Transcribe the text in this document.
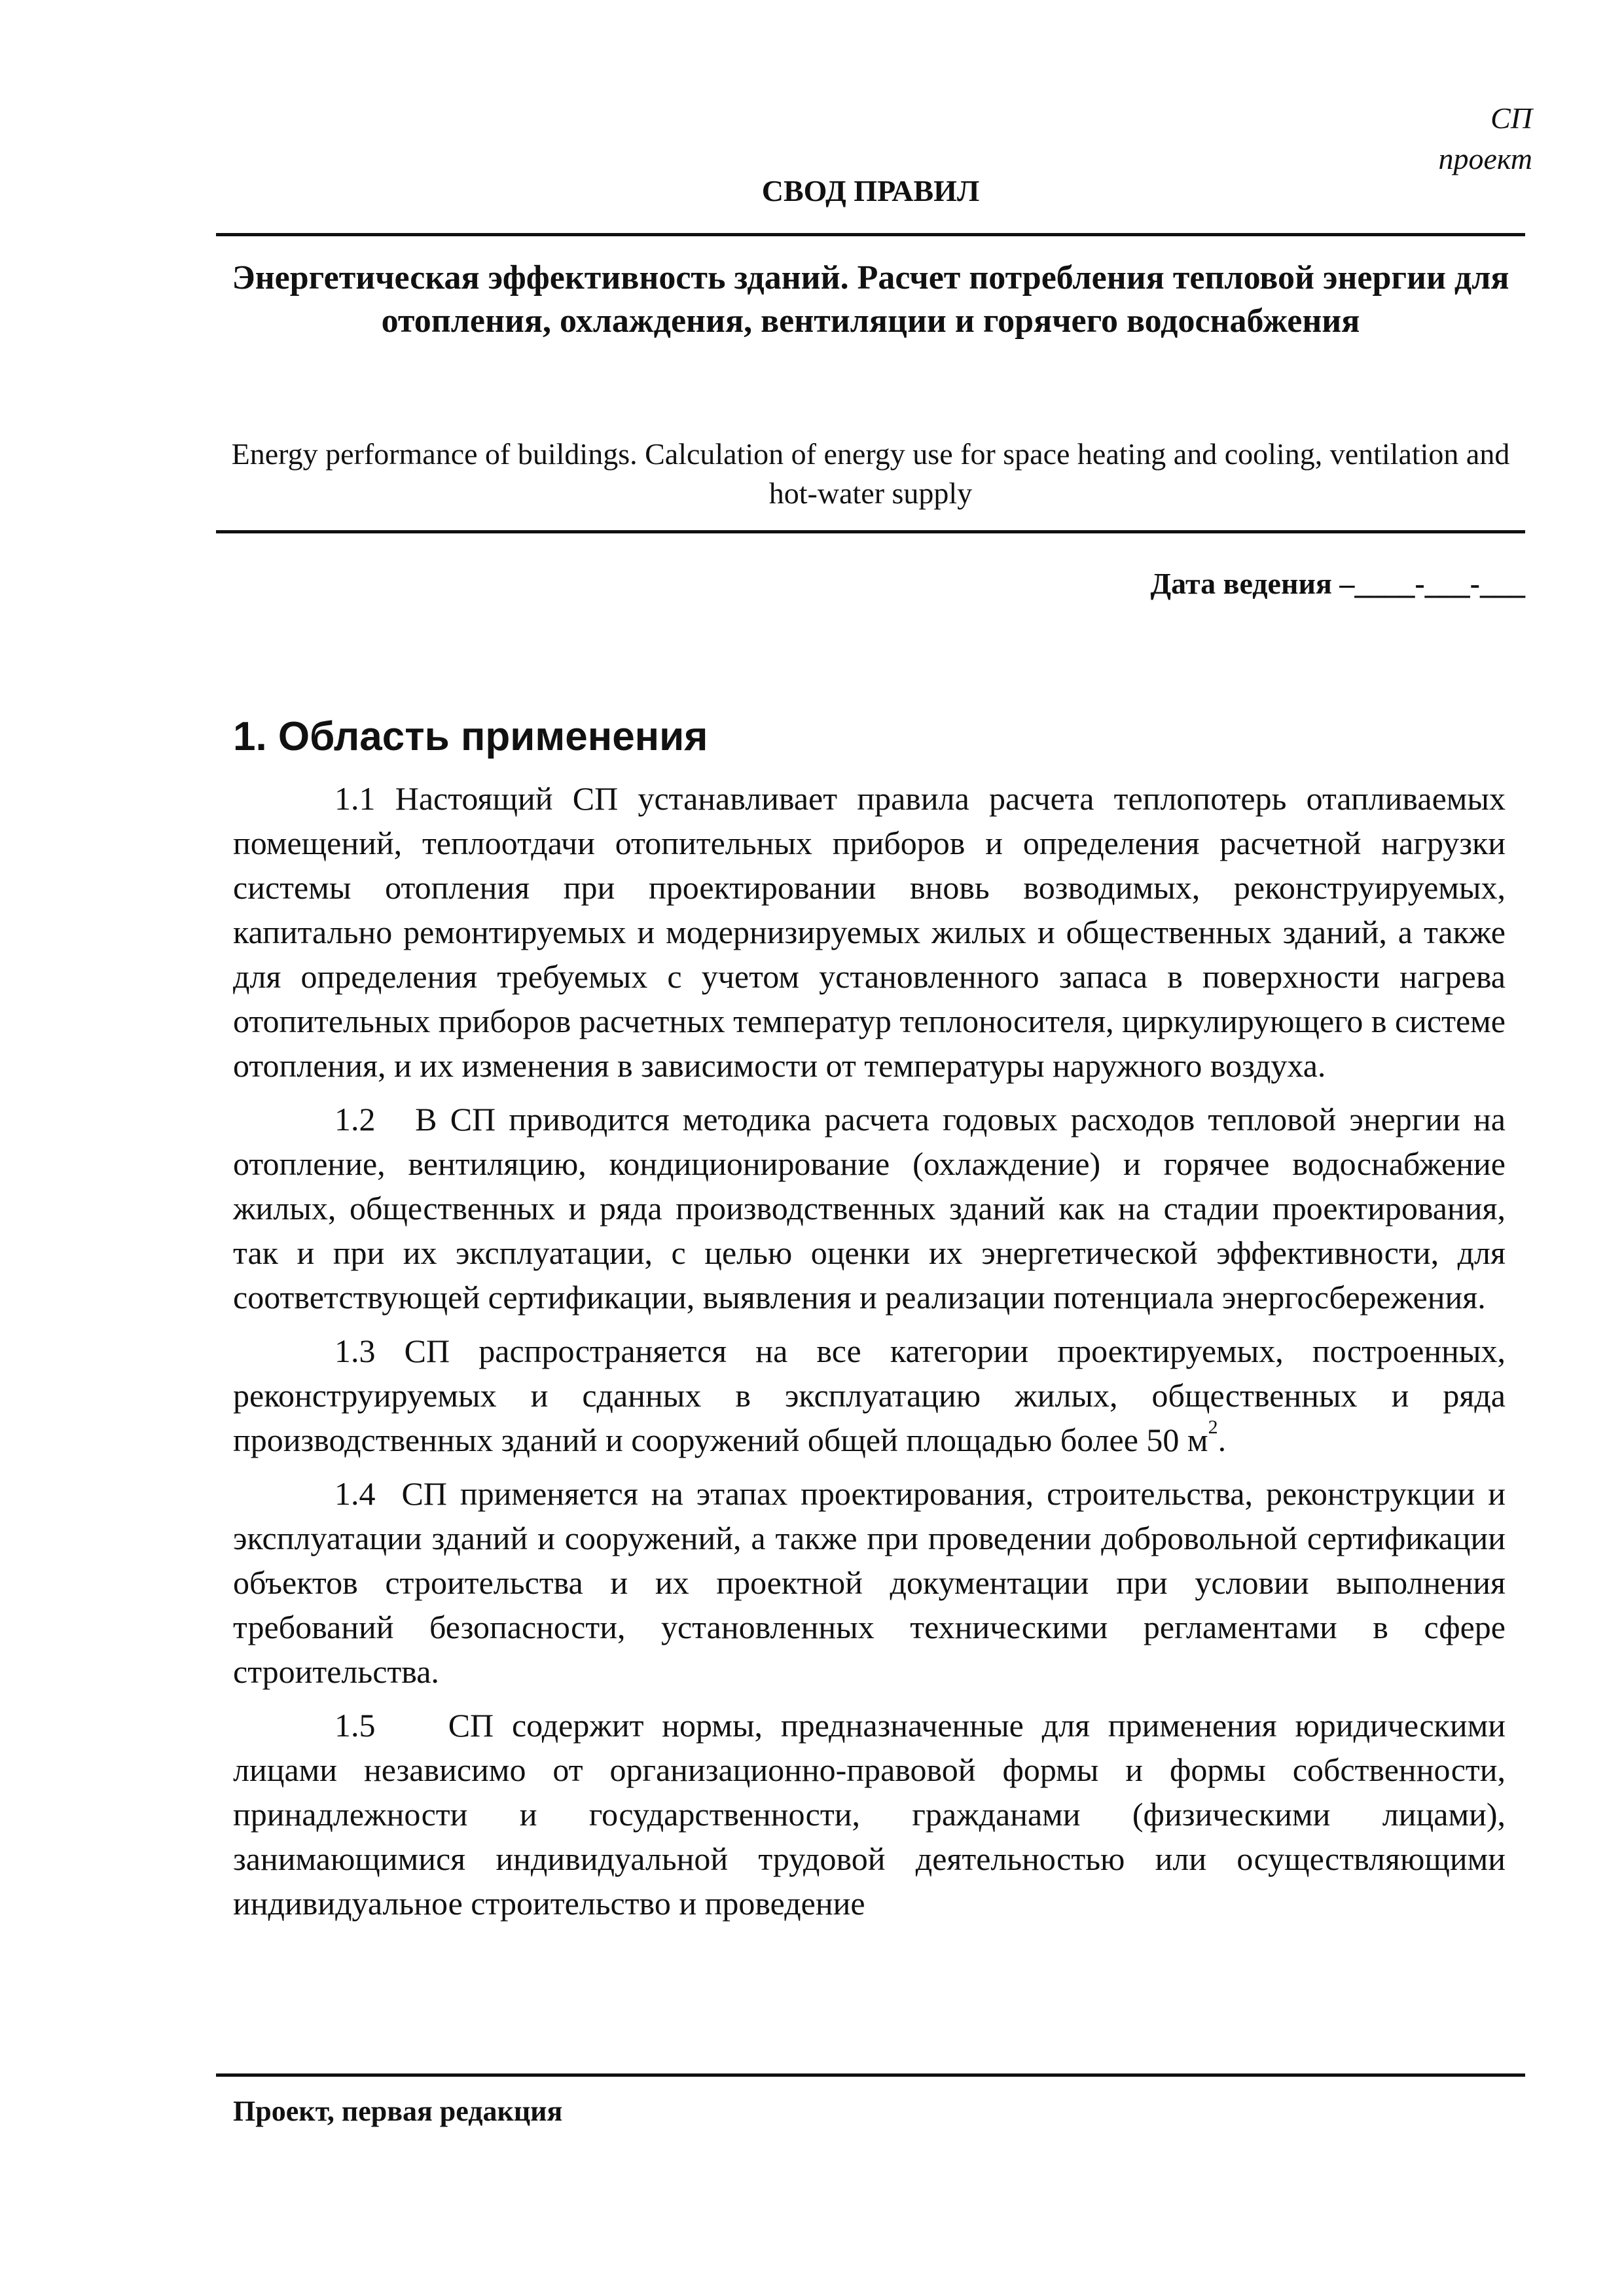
СП
проект
СВОД ПРАВИЛ
Энергетическая эффективность зданий. Расчет потребления тепловой энергии для отопления, охлаждения, вентиляции и горячего водоснабжения
Energy performance of buildings. Calculation of energy use for space heating and cooling, ventilation and hot-water supply
Дата ведения –____-___-___
1. Область применения

1.1 Настоящий СП устанавливает правила расчета теплопотерь отапливаемых помещений, теплоотдачи отопительных приборов и определения расчетной нагрузки системы отопления при проектировании вновь возводимых, реконструируемых, капитально ремонтируемых и модернизируемых жилых и общественных зданий, а также для определения требуемых с учетом установленного запаса в поверхности нагрева отопительных приборов расчетных температур теплоносителя, циркулирующего в системе отопления, и их изменения в зависимости от температуры наружного воздуха.

1.2 В СП приводится методика расчета годовых расходов тепловой энергии на отопление, вентиляцию, кондиционирование (охлаждение) и горячее водоснабжение жилых, общественных и ряда производственных зданий как на стадии проектирования, так и при их эксплуатации, с целью оценки их энергетической эффективности, для соответствующей сертификации, выявления и реализации потенциала энергосбережения.

1.3 СП распространяется на все категории проектируемых, построенных, реконструируемых и сданных в эксплуатацию жилых, общественных и ряда производственных зданий и сооружений общей площадью более 50 $м^2$.

1.4 СП применяется на этапах проектирования, строительства, реконструкции и эксплуатации зданий и сооружений, а также при проведении добровольной сертификации объектов строительства и их проектной документации при условии выполнения требований безопасности, установленных техническими регламентами в сфере строительства.

1.5 СП содержит нормы, предназначенные для применения юридическими лицами независимо от организационно-правовой формы и формы собственности, принадлежности и государственности, гражданами (физическими лицами), занимающимися индивидуальной трудовой деятельностью или осуществляющими индивидуальное строительство и проведение

Проект, первая редакция
